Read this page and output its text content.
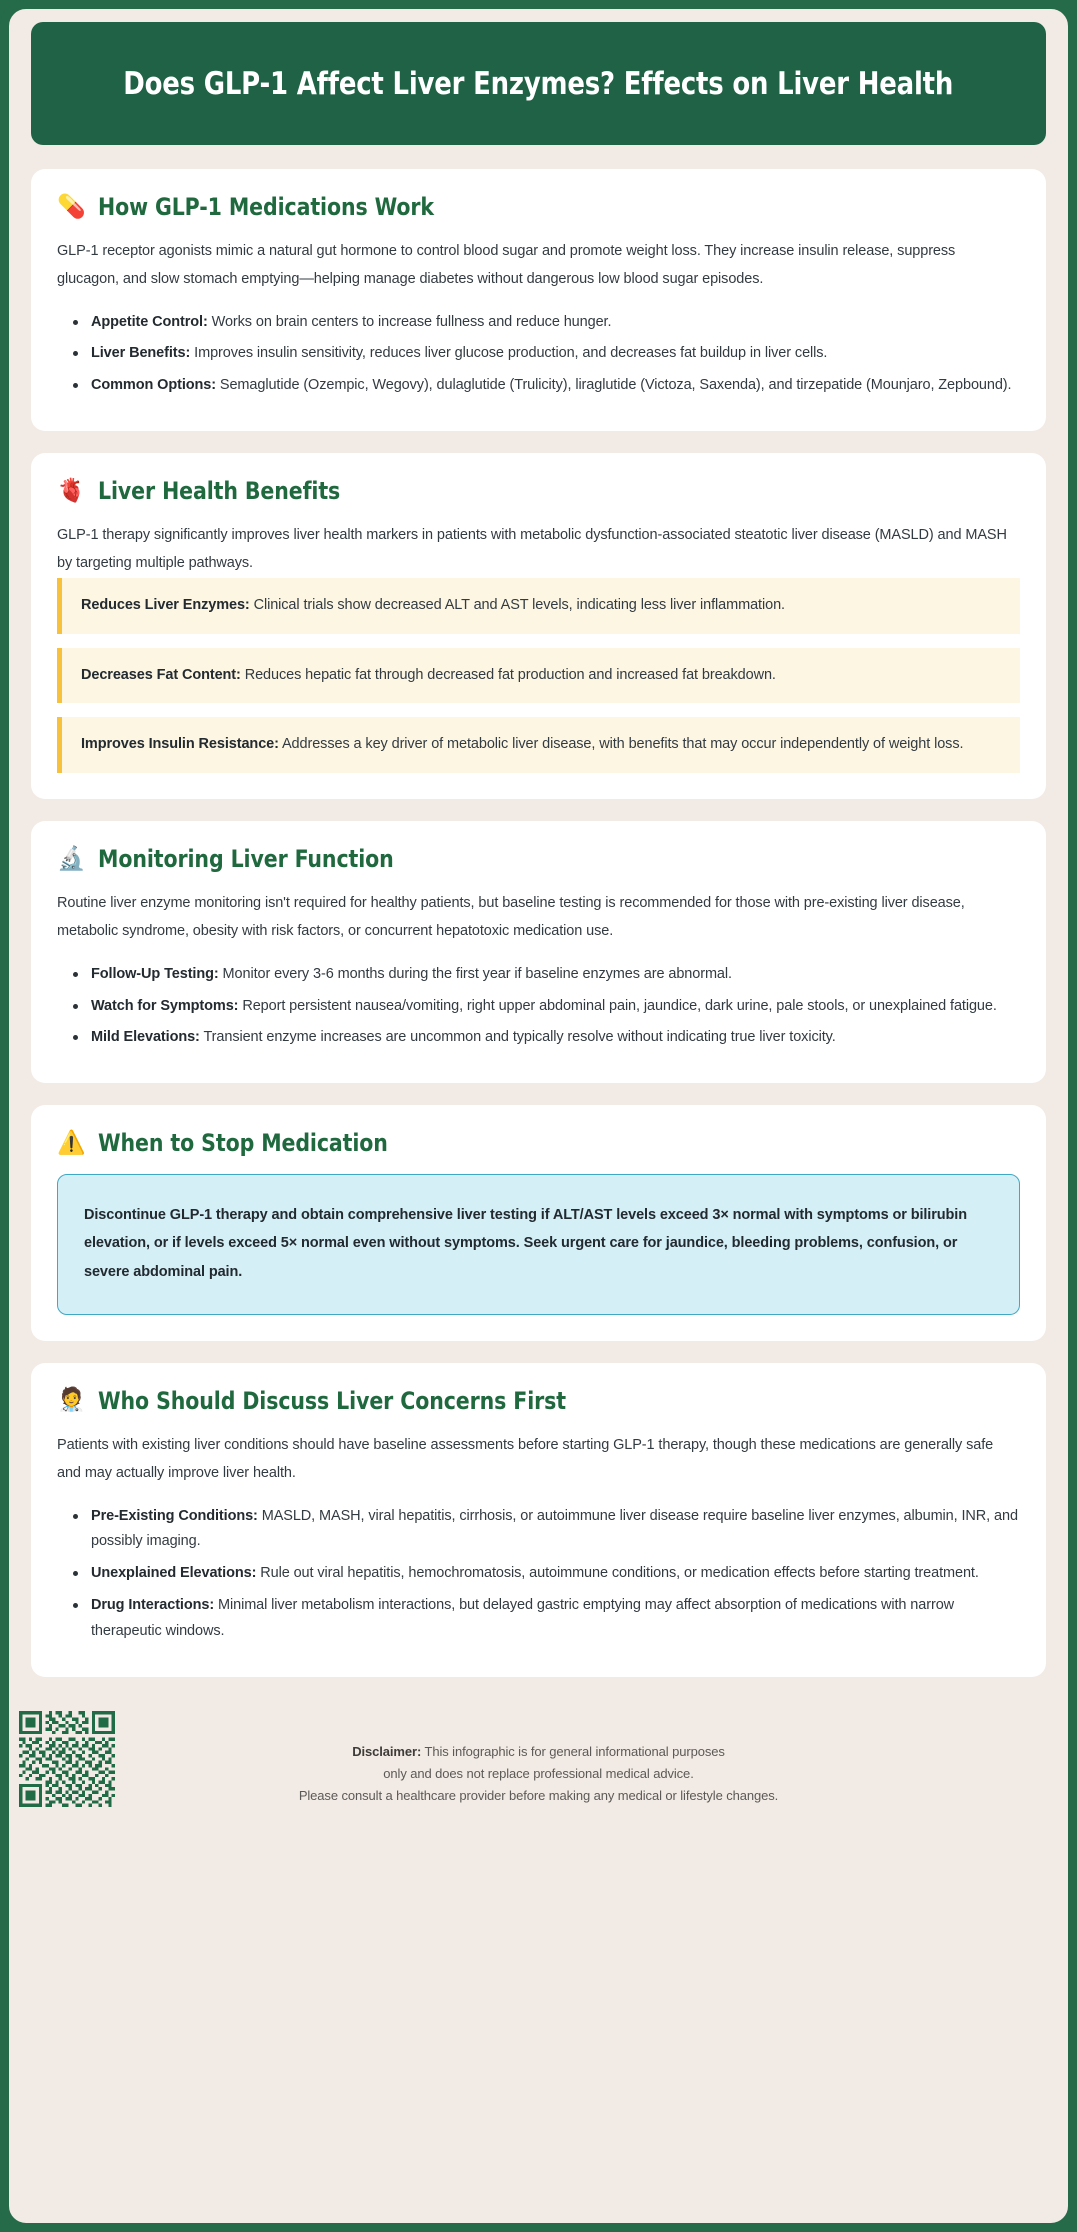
Does GLP-1 Affect Liver Enzymes? Effects on Liver Health
💊 How GLP-1 Medications Work

GLP-1 receptor agonists mimic a natural gut hormone to control blood sugar and promote weight loss. They increase insulin release, suppress glucagon, and slow stomach emptying—helping manage diabetes without dangerous low blood sugar episodes.

Appetite Control: Works on brain centers to increase fullness and reduce hunger.
Liver Benefits: Improves insulin sensitivity, reduces liver glucose production, and decreases fat buildup in liver cells.
Common Options: Semaglutide (Ozempic, Wegovy), dulaglutide (Trulicity), liraglutide (Victoza, Saxenda), and tirzepatide (Mounjaro, Zepbound).
🫀 Liver Health Benefits

GLP-1 therapy significantly improves liver health markers in patients with metabolic dysfunction-associated steatotic liver disease (MASLD) and MASH by targeting multiple pathways.

Reduces Liver Enzymes: Clinical trials show decreased ALT and AST levels, indicating less liver inflammation.
Decreases Fat Content: Reduces hepatic fat through decreased fat production and increased fat breakdown.
Improves Insulin Resistance: Addresses a key driver of metabolic liver disease, with benefits that may occur independently of weight loss.
🔬 Monitoring Liver Function

Routine liver enzyme monitoring isn't required for healthy patients, but baseline testing is recommended for those with pre-existing liver disease, metabolic syndrome, obesity with risk factors, or concurrent hepatotoxic medication use.

Follow-Up Testing: Monitor every 3-6 months during the first year if baseline enzymes are abnormal.
Watch for Symptoms: Report persistent nausea/vomiting, right upper abdominal pain, jaundice, dark urine, pale stools, or unexplained fatigue.
Mild Elevations: Transient enzyme increases are uncommon and typically resolve without indicating true liver toxicity.
⚠️ When to Stop Medication
Discontinue GLP-1 therapy and obtain comprehensive liver testing if ALT/AST levels exceed 3× normal with symptoms or bilirubin elevation, or if levels exceed 5× normal even without symptoms. Seek urgent care for jaundice, bleeding problems, confusion, or severe abdominal pain.
🧑‍⚕️ Who Should Discuss Liver Concerns First

Patients with existing liver conditions should have baseline assessments before starting GLP-1 therapy, though these medications are generally safe and may actually improve liver health.

Pre-Existing Conditions: MASLD, MASH, viral hepatitis, cirrhosis, or autoimmune liver disease require baseline liver enzymes, albumin, INR, and possibly imaging.
Unexplained Elevations: Rule out viral hepatitis, hemochromatosis, autoimmune conditions, or medication effects before starting treatment.
Drug Interactions: Minimal liver metabolism interactions, but delayed gastric emptying may affect absorption of medications with narrow therapeutic windows.
Disclaimer: This infographic is for general informational purposes
only and does not replace professional medical advice.
Please consult a healthcare provider before making any medical or lifestyle changes.
